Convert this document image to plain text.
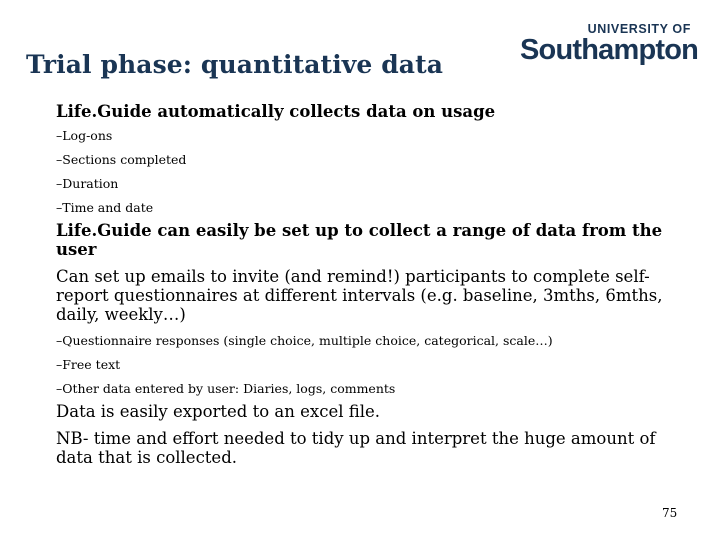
Trial phase: quantitative data
UNIVERSITY OF
Southampton

Life.Guide automatically collects data on usage

–Log-ons

–Sections completed

–Duration

–Time and date

Life.Guide can easily be set up to collect a range of data from the user

Can set up emails to invite (and remind!) participants to complete self-report questionnaires at different intervals (e.g. baseline, 3mths, 6mths, daily, weekly…)

–Questionnaire responses (single choice, multiple choice, categorical, scale…)

–Free text

–Other data entered by user: Diaries, logs, comments

Data is easily exported to an excel file.

NB- time and effort needed to tidy up and interpret the huge amount of data that is collected.

75
